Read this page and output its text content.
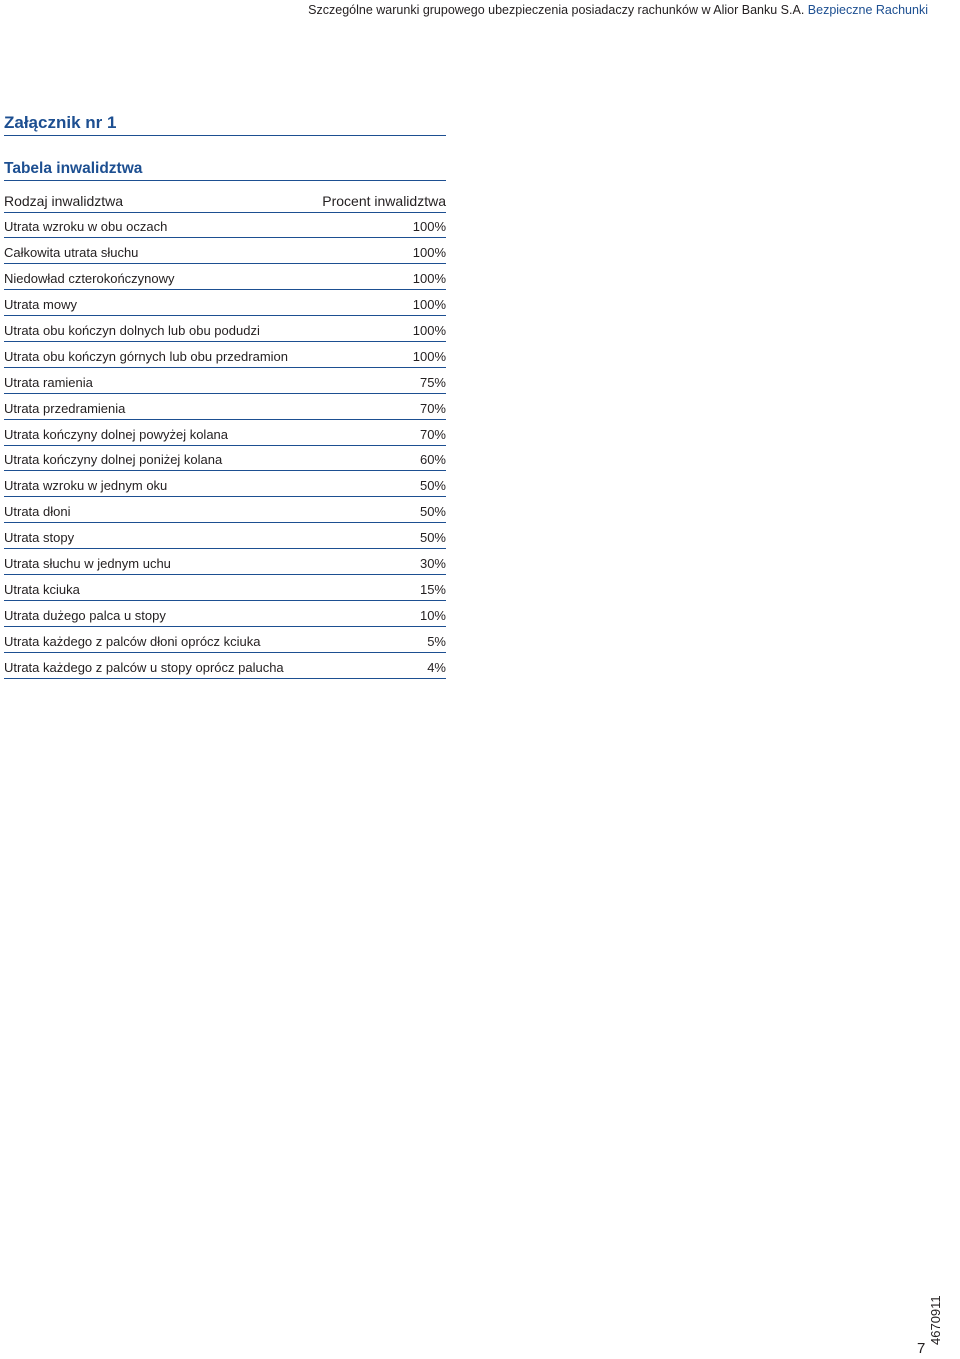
Szczególne warunki grupowego ubezpieczenia posiadaczy rachunków w Alior Banku S.A. Bezpieczne Rachunki
Załącznik nr 1
Tabela inwalidztwa
Rodzaj inwalidztwa	Procent inwalidztwa
Utrata wzroku w obu oczach	100%
Całkowita utrata słuchu	100%
Niedowład czterokończynowy	100%
Utrata mowy	100%
Utrata obu kończyn dolnych lub obu podudzi	100%
Utrata obu kończyn górnych lub obu przedramion	100%
Utrata ramienia	75%
Utrata przedramienia	70%
Utrata kończyny dolnej powyżej kolana	70%
Utrata kończyny dolnej poniżej kolana	60%
Utrata wzroku w jednym oku	50%
Utrata dłoni	50%
Utrata stopy	50%
Utrata słuchu w jednym uchu	30%
Utrata kciuka	15%
Utrata dużego palca u stopy	10%
Utrata każdego z palców dłoni oprócz kciuka	5%
Utrata każdego z palców u stopy oprócz palucha	4%
7
4670911
